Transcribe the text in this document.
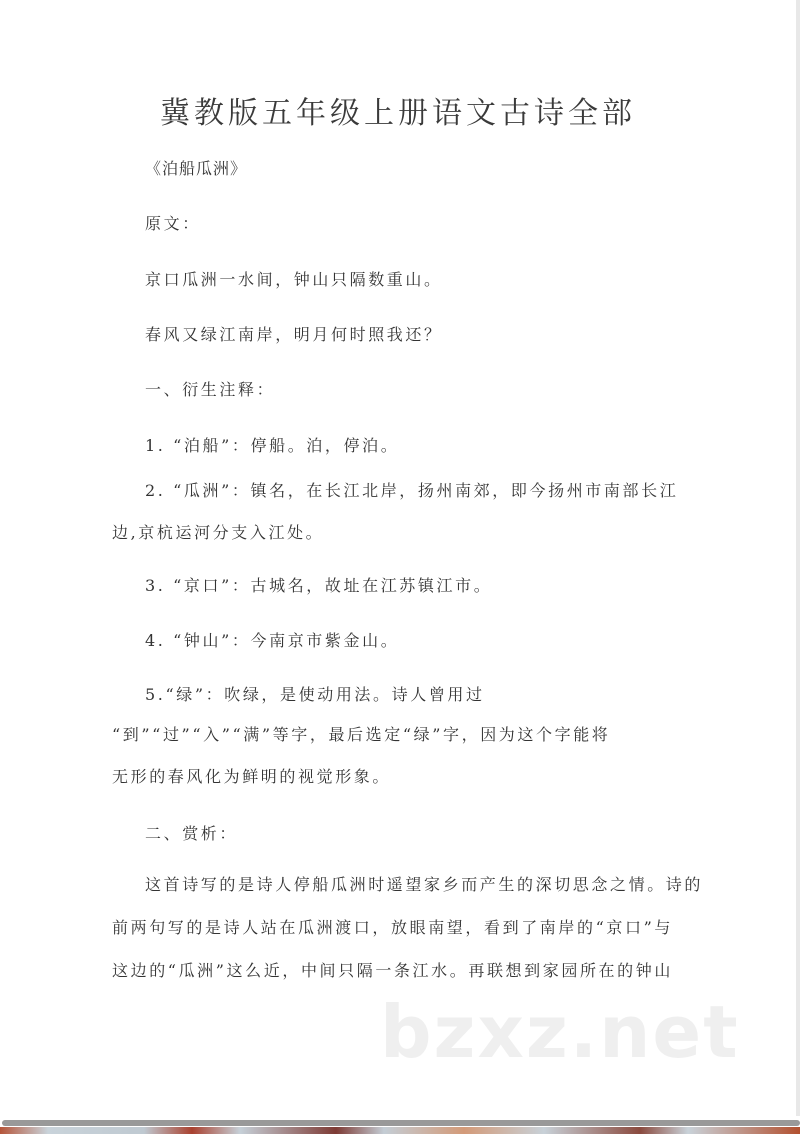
冀教版五年级上册语文古诗全部
《泊船瓜洲》
原文：
京口瓜洲一水间，钟山只隔数重山。
春风又绿江南岸，明月何时照我还？
一、衍生注释：
1. “泊船”：停船。泊，停泊。
2. “瓜洲”：镇名，在长江北岸，扬州南郊，即今扬州市南部长江
边,京杭运河分支入江处。
3. “京口”：古城名，故址在江苏镇江市。
4. “钟山”：今南京市紫金山。
5.“绿”：吹绿，是使动用法。诗人曾用过
“到”“过”“入”“满”等字，最后选定“绿”字，因为这个字能将
无形的春风化为鲜明的视觉形象。
二、赏析：
这首诗写的是诗人停船瓜洲时遥望家乡而产生的深切思念之情。诗的
前两句写的是诗人站在瓜洲渡口，放眼南望，看到了南岸的“京口”与
这边的“瓜洲”这么近，中间只隔一条江水。再联想到家园所在的钟山
bzxz.net
